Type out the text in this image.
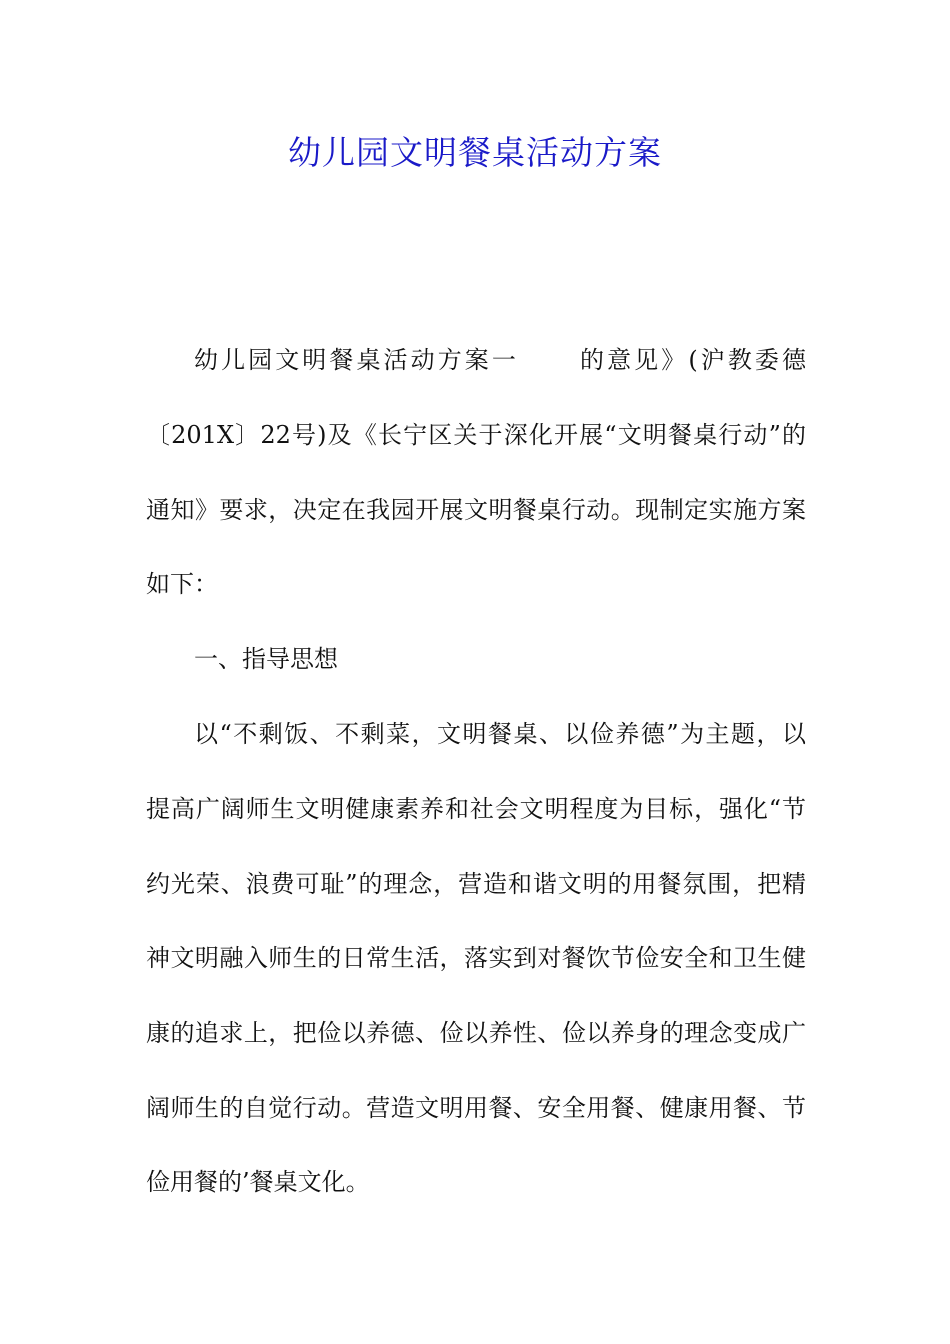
幼儿园文明餐桌活动方案
幼儿园文明餐桌活动方案一 的意见》(沪教委德
〔201X〕22号)及《长宁区关于深化开展“文明餐桌行动”的
通知》要求，决定在我园开展文明餐桌行动。现制定实施方案
如下：
一、指导思想
以“不剩饭、不剩菜，文明餐桌、以俭养德”为主题，以
提高广阔师生文明健康素养和社会文明程度为目标，强化“节
约光荣、浪费可耻”的理念，营造和谐文明的用餐氛围，把精
神文明融入师生的日常生活，落实到对餐饮节俭安全和卫生健
康的追求上，把俭以养德、俭以养性、俭以养身的理念变成广
阔师生的自觉行动。营造文明用餐、安全用餐、健康用餐、节
俭用餐的’餐桌文化。
